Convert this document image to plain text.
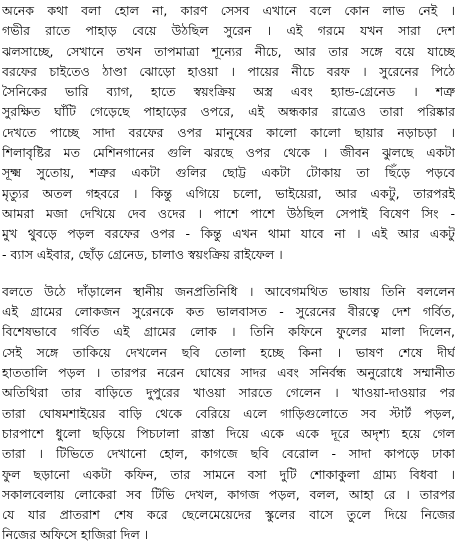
অনেক কথা বলা হোল না, কারণ সেসব এখানে বলে কোন লাভ নেই ।
গভীর রাতে পাহাড় বেয়ে উঠছিল সুরেন । এই গরমে যখন সারা দেশ
ঝলসাচ্ছে, সেখানে তখন তাপমাত্রা শূন্যের নীচে, আর তার সঙ্গে বয়ে যাচ্ছে
বরফের চাইতেও ঠাণ্ডা ঝোড়ো হাওয়া । পায়ের নীচে বরফ । সুরেনের পিঠে
সৈনিকের ভারি ব্যাগ, হাতে স্বয়ংক্রিয় অস্ত্র এবং হ্যান্ড-গ্রেনেড । শত্রু
সুরক্ষিত ঘাঁটি গেড়েছে পাহাড়ের ওপরে, এই অন্ধকার রাত্রেও তারা পরিষ্কার
দেখতে পাচ্ছে সাদা বরফের ওপর মানুষের কালো কালো ছায়ার নড়াচড়া ।
শিলাবৃষ্টির মত মেশিনগানের গুলি ঝরছে ওপর থেকে । জীবন ঝুলছে একটা
সূক্ষ্ম সুতোয়, শত্রুর একটা গুলির ছোট্ট একটা টোকায় তা ছিঁড়ে পড়বে
মৃত্যুর অতল গহবরে । কিন্তু এগিয়ে চলো, ভাইয়েরা, আর একটু, তারপরই
আমরা মজা দেখিয়ে দেব ওদের । পাশে পাশে উঠছিল সেপাই বিষেণ সিং -
মুখ থুবড়ে পড়ল বরফের ওপর - কিন্তু এখন থামা যাবে না । এই আর একটু
- ব্যাস এইবার, ছোঁড় গ্রেনেড, চালাও স্বয়ংক্রিয় রাইফেল ।
বলতে উঠে দাঁড়ালেন স্থানীয় জনপ্রতিনিধি । আবেগমথিত ভাষায় তিনি বললেন
এই গ্রামের লোকজন সুরেনকে কত ভালবাসত - সুরেনের বীরত্বে দেশ গর্বিত,
বিশেষভাবে গর্বিত এই গ্রামের লোক । তিনি কফিনে ফুলের মালা দিলেন,
সেই সঙ্গে তাকিয়ে দেখলেন ছবি তোলা হচ্ছে কিনা । ভাষণ শেষে দীর্ঘ
হাততালি পড়ল । তারপর নরেন ঘোষের সাদর এবং সনির্বন্ধ অনুরোধে সম্মানীত
অতিথিরা তার বাড়িতে দুপুরের খাওয়া সারতে গেলেন । খাওয়া-দাওয়ার পর
তারা ঘোষমশাইয়ের বাড়ি থেকে বেরিয়ে এলে গাড়িগুলোতে সব স্টার্ট পড়ল,
চারপাশে ধুলো ছড়িয়ে পিচঢালা রাস্তা দিয়ে একে একে দূরে অদৃশ্য হয়ে গেল
তারা । টিভিতে দেখানো হোল, কাগজে ছবি বেরোল - সাদা কাপড়ে ঢাকা
ফুল ছড়ানো একটা কফিন, তার সামনে বসা দুটি শোকাকুলা গ্রাম্য বিধবা ।
সকালবেলায় লোকেরা সব টিভি দেখল, কাগজ পড়ল, বলল, আহা রে । তারপর
যে যার প্রাতরাশ শেষ করে ছেলেমেয়েদের স্কুলের বাসে তুলে দিয়ে নিজের
নিজের অফিসে হাজিরা দিল ।
